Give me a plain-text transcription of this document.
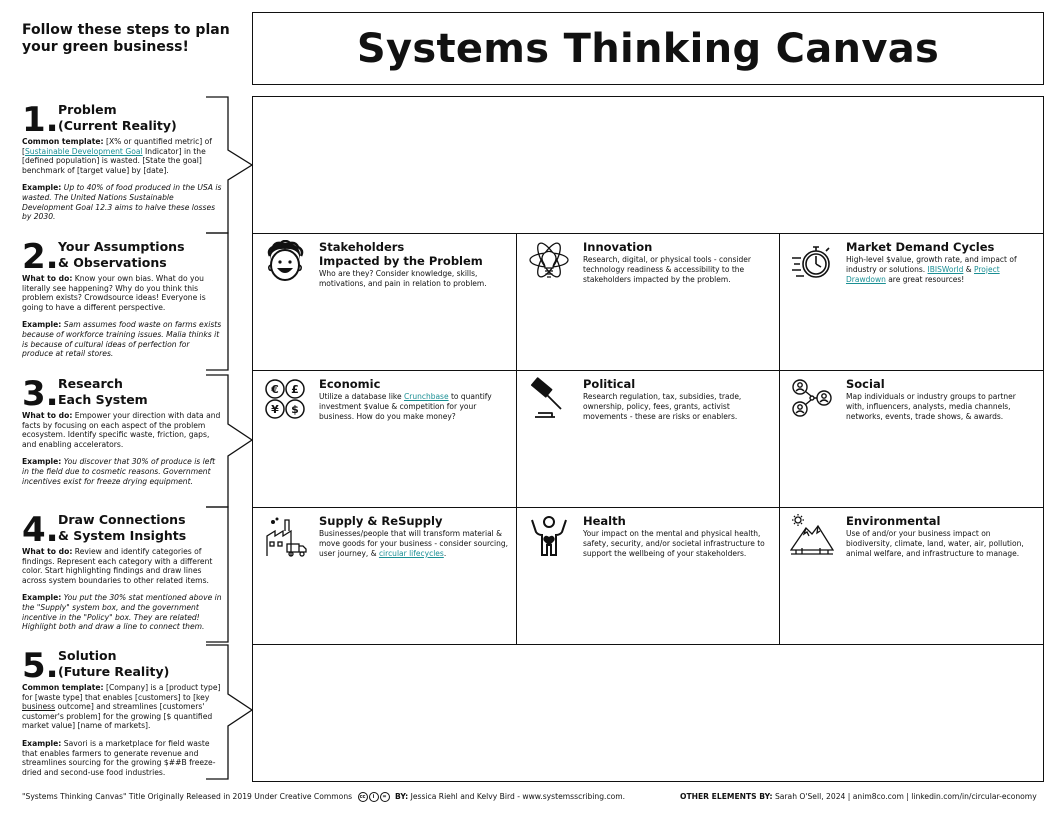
Follow these steps to plan your green business!
1. Problem
(Current Reality)

Common template: [X% or quantified metric] of [Sustainable Development Goal Indicator] in the [defined population] is wasted. [State the goal] benchmark of [target value] by [date].

Example: Up to 40% of food produced in the USA is wasted. The United Nations Sustainable Development Goal 12.3 aims to halve these losses by 2030.

2. Your Assumptions
& Observations

What to do: Know your own bias. What do you literally see happening? Why do you think this problem exists? Crowdsource ideas! Everyone is going to have a different perspective.

Example: Sam assumes food waste on farms exists because of workforce training issues. Malia thinks it is because of cultural ideas of perfection for produce at retail stores.

3. Research
Each System

What to do: Empower your direction with data and facts by focusing on each aspect of the problem ecosystem. Identify specific waste, friction, gaps, and enabling accelerators.

Example: You discover that 30% of produce is left in the field due to cosmetic reasons. Government incentives exist for freeze drying equipment.

4. Draw Connections
& System Insights

What to do: Review and identify categories of findings. Represent each category with a different color. Start highlighting findings and draw lines across system boundaries to other related items.

Example: You put the 30% stat mentioned above in the "Supply" system box, and the government incentive in the "Policy" box. They are related! Highlight both and draw a line to connect them.

5. Solution
(Future Reality)

Common template: [Company] is a [product type] for [waste type] that enables [customers] to [key business outcome] and streamlines [customers' customer's problem] for the growing [$ quantified market value] [name of markets].

Example: Savori is a marketplace for field waste that enables farmers to generate revenue and streamlines sourcing for the growing $##B freeze-dried and second-use food industries.

Systems Thinking Canvas
Stakeholders
Impacted by the Problem
Who are they? Consider knowledge, skills, motivations, and pain in relation to problem.
Innovation
Research, digital, or physical tools - consider technology readiness & accessibility to the stakeholders impacted by the problem.
Market Demand Cycles
High-level $value, growth rate, and impact of industry or solutions. IBISWorld & Project Drawdown are great resources!
€ £
¥ $
Economic
Utilize a database like Crunchbase to quantify investment $value & competition for your business. How do you make money?
Political
Research regulation, tax, subsidies, trade, ownership, policy, fees, grants, activist movements - these are risks or enablers.
Social
Map individuals or industry groups to partner with, influencers, analysts, media channels, networks, events, trade shows, & awards.
Supply & ReSupply
Businesses/people that will transform material & move goods for your business - consider sourcing, user journey, & circular lifecycles.
Health
Your impact on the mental and physical health, safety, security, and/or societal infrastructure to support the wellbeing of your stakeholders.
Environmental
Use of and/or your business impact on biodiversity, climate, land, water, air, pollution, animal welfare, and infrastructure to manage.
"Systems Thinking Canvas" Title Originally Released in 2019 Under Creative Commons	cc	i	=	BY: Jessica Riehl and Kelvy Bird - www.systemsscribing.com.	OTHER ELEMENTS BY: Sarah O'Sell, 2024 | anim8co.com | linkedin.com/in/circular-economy
